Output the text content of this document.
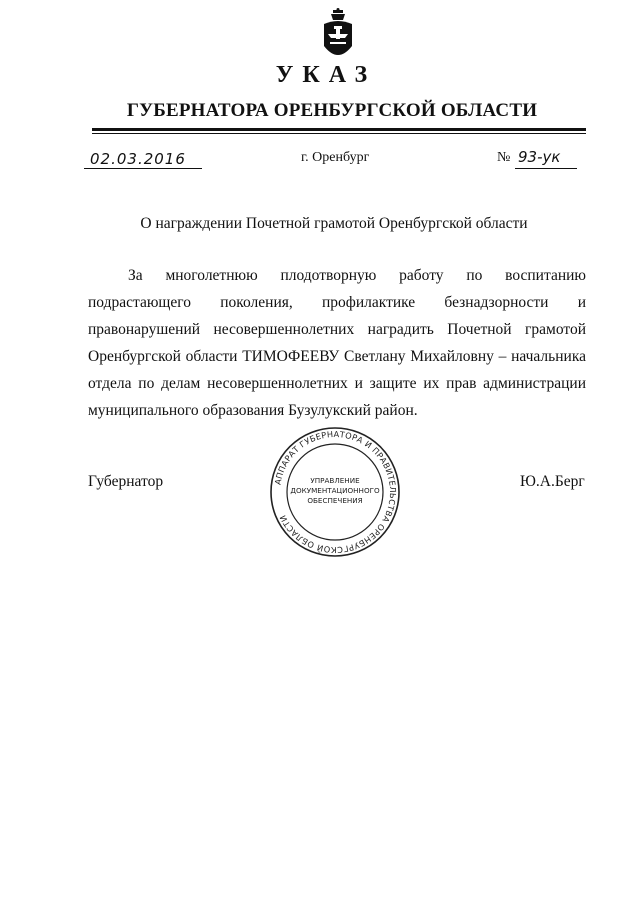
УКАЗ
ГУБЕРНАТОРА ОРЕНБУРГСКОЙ ОБЛАСТИ
02.03.2016	г. Оренбург	№ 93-ук
О награждении Почетной грамотой Оренбургской области

За многолетнюю плодотворную работу по воспитанию подрастающего поколения, профилактике безнадзорности и правонарушений несовершеннолетних наградить Почетной грамотой Оренбургской области ТИМОФЕЕВУ Светлану Михайловну – начальника отдела по делам несовершеннолетних и защите их прав администрации муниципального образования Бузулукский район.

Губернатор	Ю.А.Берг
АППАРАТ ГУБЕРНАТОРА И ПРАВИТЕЛЬСТВА ОРЕНБУРГСКОЙ ОБЛАСТИ
УПРАВЛЕНИЕ
ДОКУМЕНТАЦИОННОГО
ОБЕСПЕЧЕНИЯ
